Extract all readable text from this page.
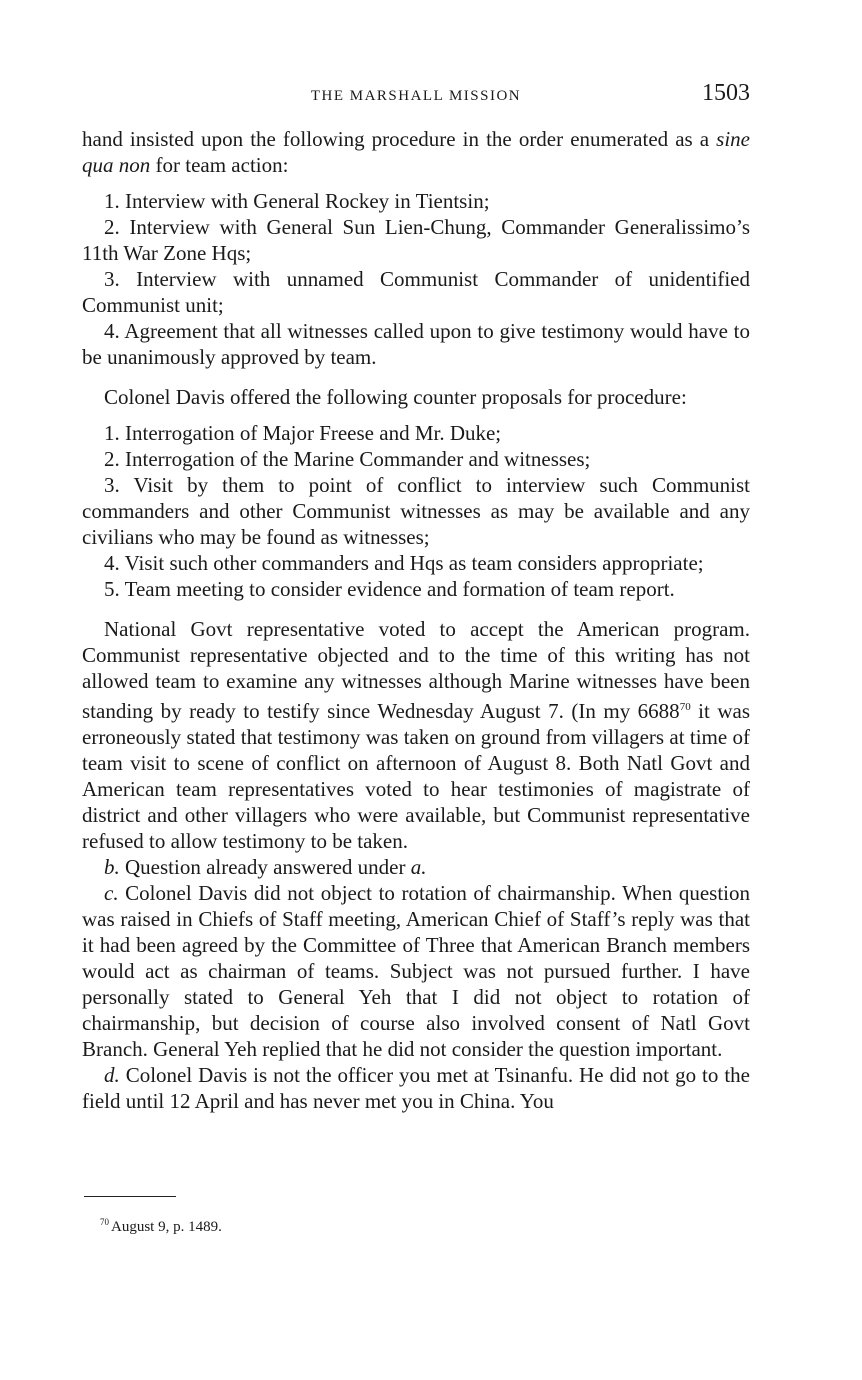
THE MARSHALL MISSION	1503

hand insisted upon the following procedure in the order enumerated as a sine qua non for team action:

1. Interview with General Rockey in Tientsin;

2. Interview with General Sun Lien-Chung, Commander Generalissimo’s 11th War Zone Hqs;

3. Interview with unnamed Communist Commander of unidentified Communist unit;

4. Agreement that all witnesses called upon to give testimony would have to be unanimously approved by team.

Colonel Davis offered the following counter proposals for procedure:

1. Interrogation of Major Freese and Mr. Duke;

2. Interrogation of the Marine Commander and witnesses;

3. Visit by them to point of conflict to interview such Communist commanders and other Communist witnesses as may be available and any civilians who may be found as witnesses;

4. Visit such other commanders and Hqs as team considers appropriate;

5. Team meeting to consider evidence and formation of team report.

National Govt representative voted to accept the American program. Communist representative objected and to the time of this writing has not allowed team to examine any witnesses although Marine witnesses have been standing by ready to testify since Wednesday August 7. (In my 6688$^{70}$ it was erroneously stated that testimony was taken on ground from villagers at time of team visit to scene of conflict on afternoon of August 8. Both Natl Govt and American team representatives voted to hear testimonies of magistrate of district and other villagers who were available, but Communist representative refused to allow testimony to be taken.

b. Question already answered under a.

c. Colonel Davis did not object to rotation of chairmanship. When question was raised in Chiefs of Staff meeting, American Chief of Staff’s reply was that it had been agreed by the Committee of Three that American Branch members would act as chairman of teams. Subject was not pursued further. I have personally stated to General Yeh that I did not object to rotation of chairmanship, but decision of course also involved consent of Natl Govt Branch. General Yeh replied that he did not consider the question important.

d. Colonel Davis is not the officer you met at Tsinanfu. He did not go to the field until 12 April and has never met you in China. You

$^{70}$ August 9, p. 1489.
